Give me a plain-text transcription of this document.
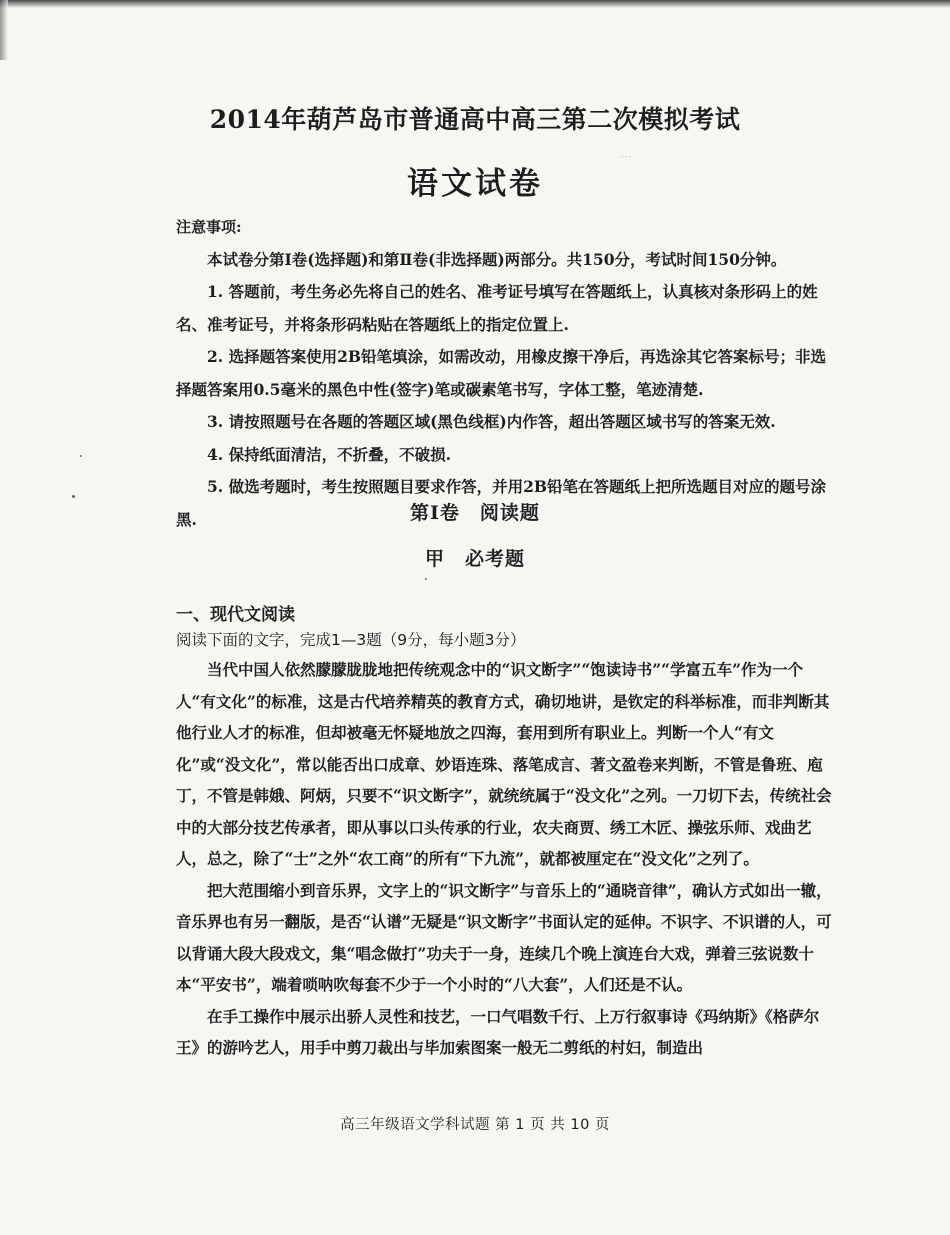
···
2014年葫芦岛市普通高中高三第二次模拟考试
语文试卷

注意事项:

本试卷分第Ⅰ卷(选择题)和第Ⅱ卷(非选择题)两部分。共150分，考试时间150分钟。

1. 答题前，考生务必先将自己的姓名、准考证号填写在答题纸上，认真核对条形码上的姓名、准考证号，并将条形码粘贴在答题纸上的指定位置上.

2. 选择题答案使用2B铅笔填涂，如需改动，用橡皮擦干净后，再选涂其它答案标号；非选择题答案用0.5毫米的黑色中性(签字)笔或碳素笔书写，字体工整，笔迹清楚.

3. 请按照题号在各题的答题区域(黑色线框)内作答，超出答题区域书写的答案无效.

4. 保持纸面清洁，不折叠，不破损.

5. 做选考题时，考生按照题目要求作答，并用2B铅笔在答题纸上把所选题目对应的题号涂黑.	第Ⅰ卷　阅读题
甲　必考题
一、现代文阅读
阅读下面的文字，完成1—3题（9分，每小题3分）

当代中国人依然朦朦胧胧地把传统观念中的“识文断字”“饱读诗书”“学富五车”作为一个人“有文化”的标准，这是古代培养精英的教育方式，确切地讲，是钦定的科举标准，而非判断其他行业人才的标准，但却被毫无怀疑地放之四海，套用到所有职业上。判断一个人“有文化”或“没文化”，常以能否出口成章、妙语连珠、落笔成言、著文盈卷来判断，不管是鲁班、庖丁，不管是韩娥、阿炳，只要不“识文断字”，就统统属于“没文化”之列。一刀切下去，传统社会中的大部分技艺传承者，即从事以口头传承的行业，农夫商贾、绣工木匠、操弦乐师、戏曲艺人，总之，除了“士”之外“农工商”的所有“下九流”，就都被厘定在“没文化”之列了。

把大范围缩小到音乐界，文字上的“识文断字”与音乐上的“通晓音律”，确认方式如出一辙，音乐界也有另一翻版，是否“认谱”无疑是“识文断字”书面认定的延伸。不识字、不识谱的人，可以背诵大段大段戏文，集“唱念做打”功夫于一身，连续几个晚上演连台大戏，弹着三弦说数十本“平安书”，端着唢呐吹每套不少于一个小时的“八大套”，人们还是不认。

在手工操作中展示出骄人灵性和技艺，一口气唱数千行、上万行叙事诗《玛纳斯》《格萨尔王》的游吟艺人，用手中剪刀裁出与毕加索图案一般无二剪纸的村妇，制造出

高三年级语文学科试题 第 1 页 共 10 页
